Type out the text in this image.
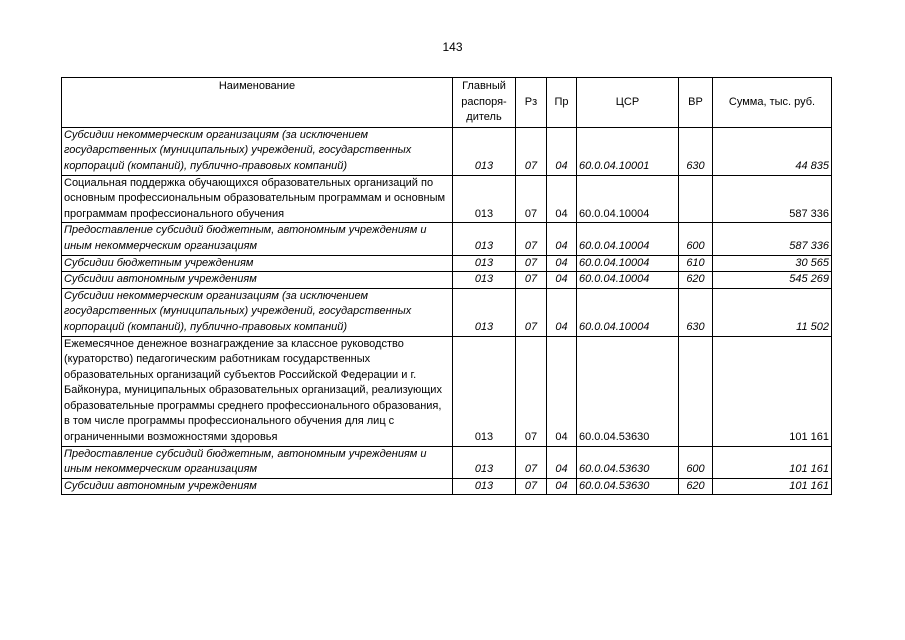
143
Наименование	Главный распоря-дитель	Рз	Пр	ЦСР	ВР	Сумма, тыс. руб.
Субсидии некоммерческим организациям (за исключением государственных (муниципальных) учреждений, государственных корпораций (компаний), публично-правовых компаний)	013	07	04	60.0.04.10001	630	44 835
Социальная поддержка обучающихся образовательных организаций по основным профессиональным образовательным программам и основным программам профессионального обучения	013	07	04	60.0.04.10004		587 336
Предоставление субсидий бюджетным, автономным учреждениям и иным некоммерческим организациям	013	07	04	60.0.04.10004	600	587 336
Субсидии бюджетным учреждениям	013	07	04	60.0.04.10004	610	30 565
Субсидии автономным учреждениям	013	07	04	60.0.04.10004	620	545 269
Субсидии некоммерческим организациям (за исключением государственных (муниципальных) учреждений, государственных корпораций (компаний), публично-правовых компаний)	013	07	04	60.0.04.10004	630	11 502
Ежемесячное денежное вознаграждение за классное руководство (кураторство) педагогическим работникам государственных образовательных организаций субъектов Российской Федерации и г. Байконура, муниципальных образовательных организаций, реализующих образовательные программы среднего профессионального образования, в том числе программы профессионального обучения для лиц с ограниченными возможностями здоровья	013	07	04	60.0.04.53630		101 161
Предоставление субсидий бюджетным, автономным учреждениям и иным некоммерческим организациям	013	07	04	60.0.04.53630	600	101 161
Субсидии автономным учреждениям	013	07	04	60.0.04.53630	620	101 161
